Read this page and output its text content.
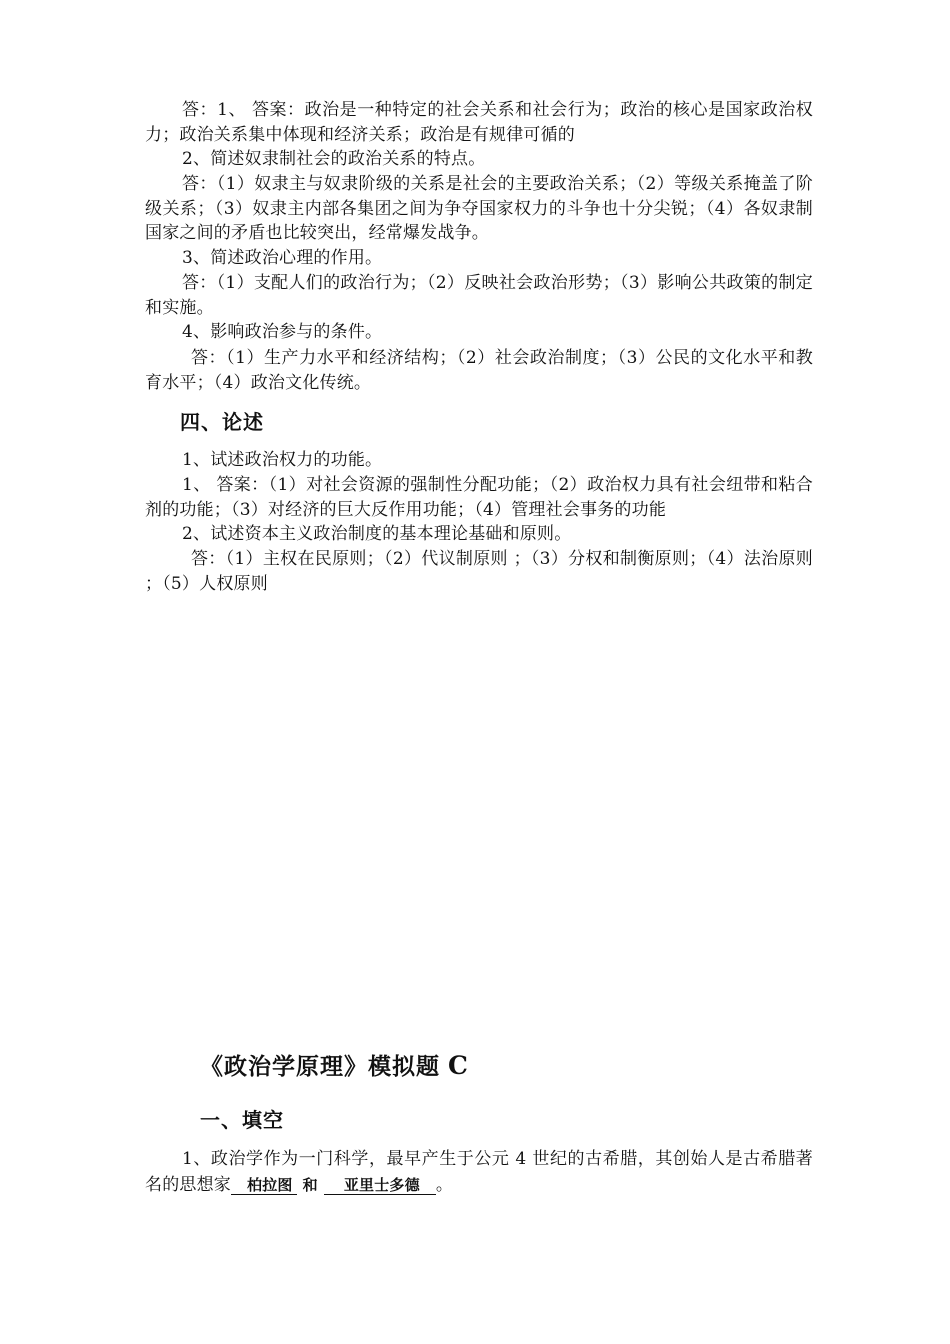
答：1、 答案：政治是一种特定的社会关系和社会行为；政治的核心是国家政治权力；政治关系集中体现和经济关系；政治是有规律可循的
2、简述奴隶制社会的政治关系的特点。
答：（1）奴隶主与奴隶阶级的关系是社会的主要政治关系；（2）等级关系掩盖了阶级关系；（3）奴隶主内部各集团之间为争夺国家权力的斗争也十分尖锐；（4）各奴隶制国家之间的矛盾也比较突出，经常爆发战争。
3、简述政治心理的作用。
答：（1）支配人们的政治行为；（2）反映社会政治形势；（3）影响公共政策的制定和实施。
4、影响政治参与的条件。
答：（1）生产力水平和经济结构；（2）社会政治制度；（3）公民的文化水平和教育水平；（4）政治文化传统。
四、论述
1、试述政治权力的功能。
1、 答案：（1）对社会资源的强制性分配功能；（2）政治权力具有社会纽带和粘合剂的功能；（3）对经济的巨大反作用功能；（4）管理社会事务的功能
2、试述资本主义政治制度的基本理论基础和原则。
答：（1）主权在民原则；（2）代议制原则 ；（3）分权和制衡原则；（4）法治原则 ；（5）人权原则
《政治学原理》模拟题 C
一、填空
1、政治学作为一门科学，最早产生于公元 4 世纪的古希腊，其创始人是古希腊著名的思想家 柏拉图 和 亚里士多德 。
